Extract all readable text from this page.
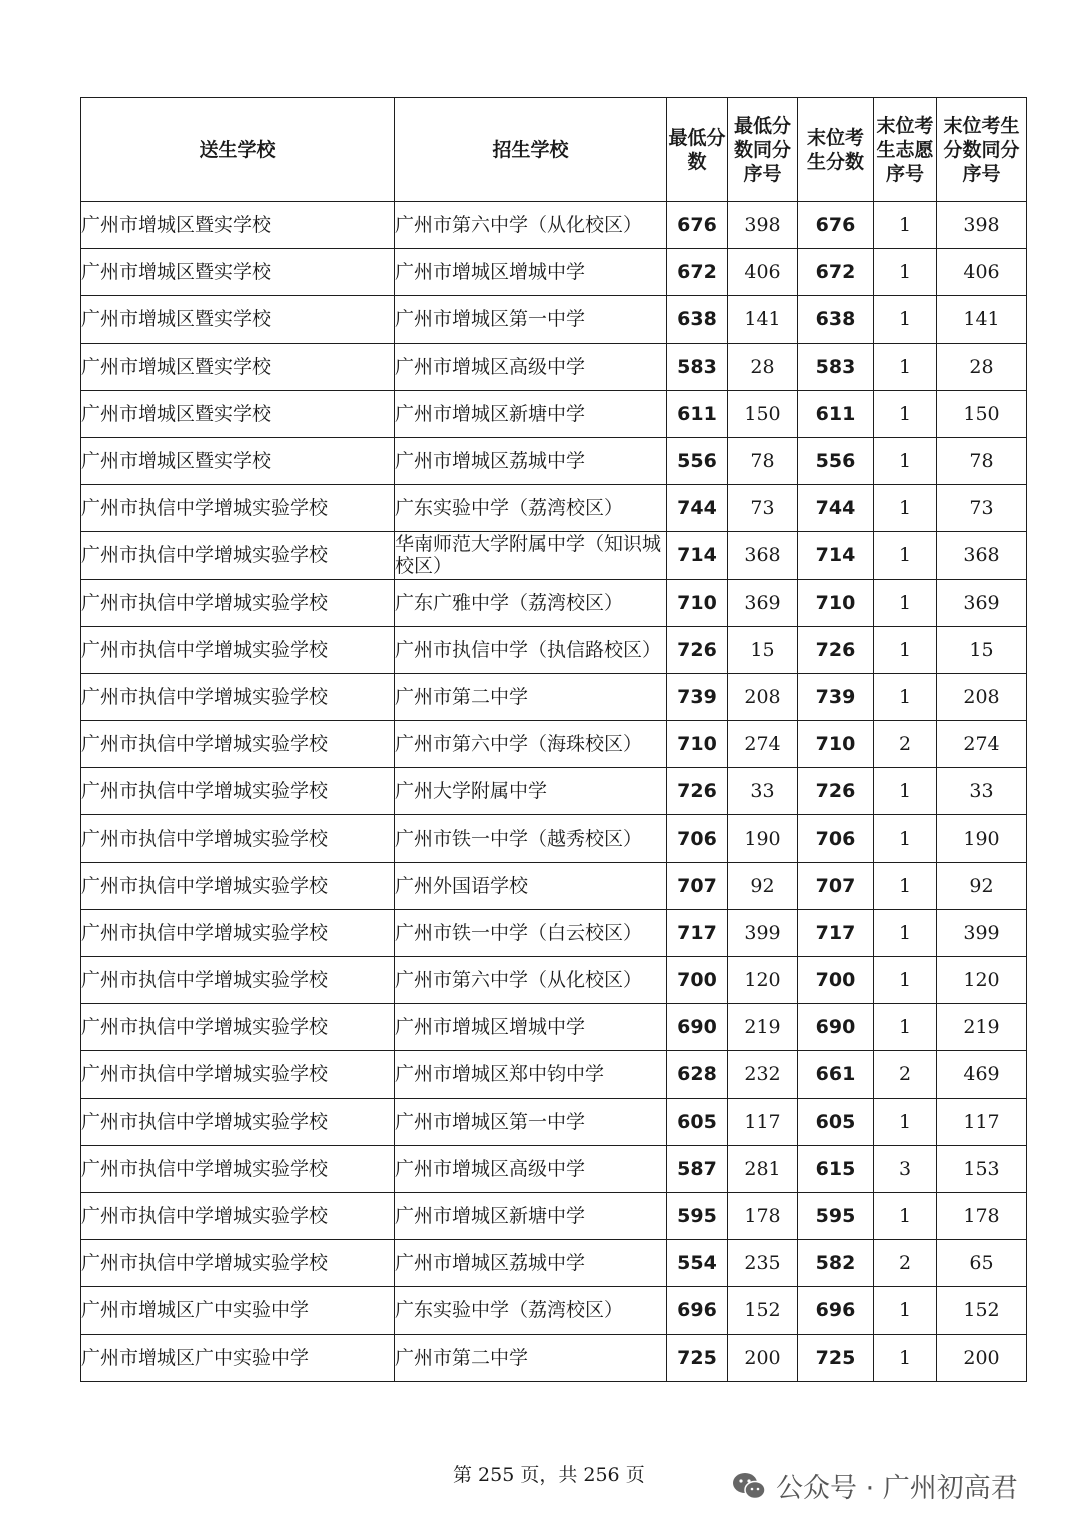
送生学校	招生学校	最低分数	最低分数同分序号	末位考生分数	末位考生志愿序号	末位考生分数同分序号
广州市增城区暨实学校	广州市第六中学（从化校区）	676	398	676	1	398
广州市增城区暨实学校	广州市增城区增城中学	672	406	672	1	406
广州市增城区暨实学校	广州市增城区第一中学	638	141	638	1	141
广州市增城区暨实学校	广州市增城区高级中学	583	28	583	1	28
广州市增城区暨实学校	广州市增城区新塘中学	611	150	611	1	150
广州市增城区暨实学校	广州市增城区荔城中学	556	78	556	1	78
广州市执信中学增城实验学校	广东实验中学（荔湾校区）	744	73	744	1	73
广州市执信中学增城实验学校	华南师范大学附属中学（知识城校区）	714	368	714	1	368
广州市执信中学增城实验学校	广东广雅中学（荔湾校区）	710	369	710	1	369
广州市执信中学增城实验学校	广州市执信中学（执信路校区）	726	15	726	1	15
广州市执信中学增城实验学校	广州市第二中学	739	208	739	1	208
广州市执信中学增城实验学校	广州市第六中学（海珠校区）	710	274	710	2	274
广州市执信中学增城实验学校	广州大学附属中学	726	33	726	1	33
广州市执信中学增城实验学校	广州市铁一中学（越秀校区）	706	190	706	1	190
广州市执信中学增城实验学校	广州外国语学校	707	92	707	1	92
广州市执信中学增城实验学校	广州市铁一中学（白云校区）	717	399	717	1	399
广州市执信中学增城实验学校	广州市第六中学（从化校区）	700	120	700	1	120
广州市执信中学增城实验学校	广州市增城区增城中学	690	219	690	1	219
广州市执信中学增城实验学校	广州市增城区郑中钧中学	628	232	661	2	469
广州市执信中学增城实验学校	广州市增城区第一中学	605	117	605	1	117
广州市执信中学增城实验学校	广州市增城区高级中学	587	281	615	3	153
广州市执信中学增城实验学校	广州市增城区新塘中学	595	178	595	1	178
广州市执信中学增城实验学校	广州市增城区荔城中学	554	235	582	2	65
广州市增城区广中实验中学	广东实验中学（荔湾校区）	696	152	696	1	152
广州市增城区广中实验中学	广州市第二中学	725	200	725	1	200
第 255 页，共 256 页	公众号 · 广州初高君
